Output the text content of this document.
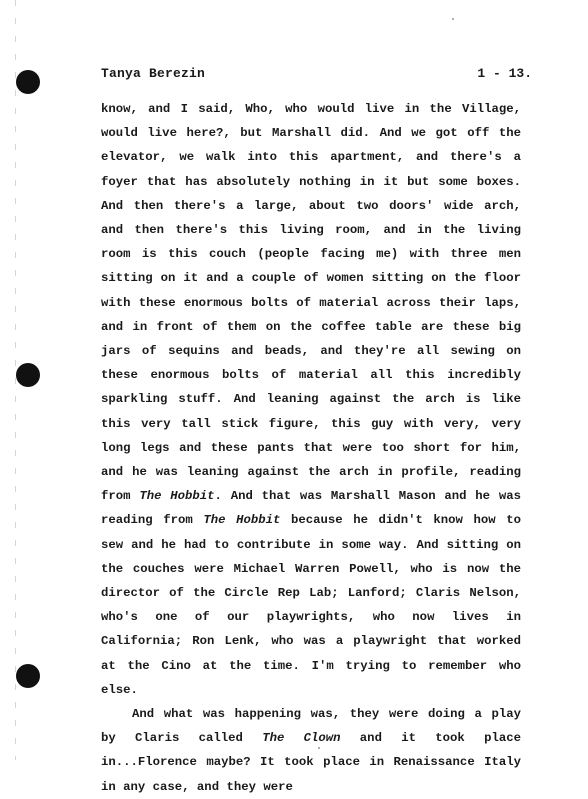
Tanya Berezin	1 - 13.

know, and I said, Who, who would live in the Village, would live here?, but Marshall did. And we got off the elevator, we walk into this apartment, and there's a foyer that has absolutely nothing in it but some boxes. And then there's a large, about two doors' wide arch, and then there's this living room, and in the living room is this couch (people facing me) with three men sitting on it and a couple of women sitting on the floor with these enormous bolts of material across their laps, and in front of them on the coffee table are these big jars of sequins and beads, and they're all sewing on these enormous bolts of material all this incredibly sparkling stuff. And leaning against the arch is like this very tall stick figure, this guy with very, very long legs and these pants that were too short for him, and he was leaning against the arch in profile, reading from The Hobbit. And that was Marshall Mason and he was reading from The Hobbit because he didn't know how to sew and he had to contribute in some way. And sitting on the couches were Michael Warren Powell, who is now the director of the Circle Rep Lab; Lanford; Claris Nelson, who's one of our playwrights, who now lives in California; Ron Lenk, who was a playwright that worked at the Cino at the time. I'm trying to remember who else.

And what was happening was, they were doing a play by Claris called The Clown and it took place in...Florence maybe? It took place in Renaissance Italy in any case, and they were
